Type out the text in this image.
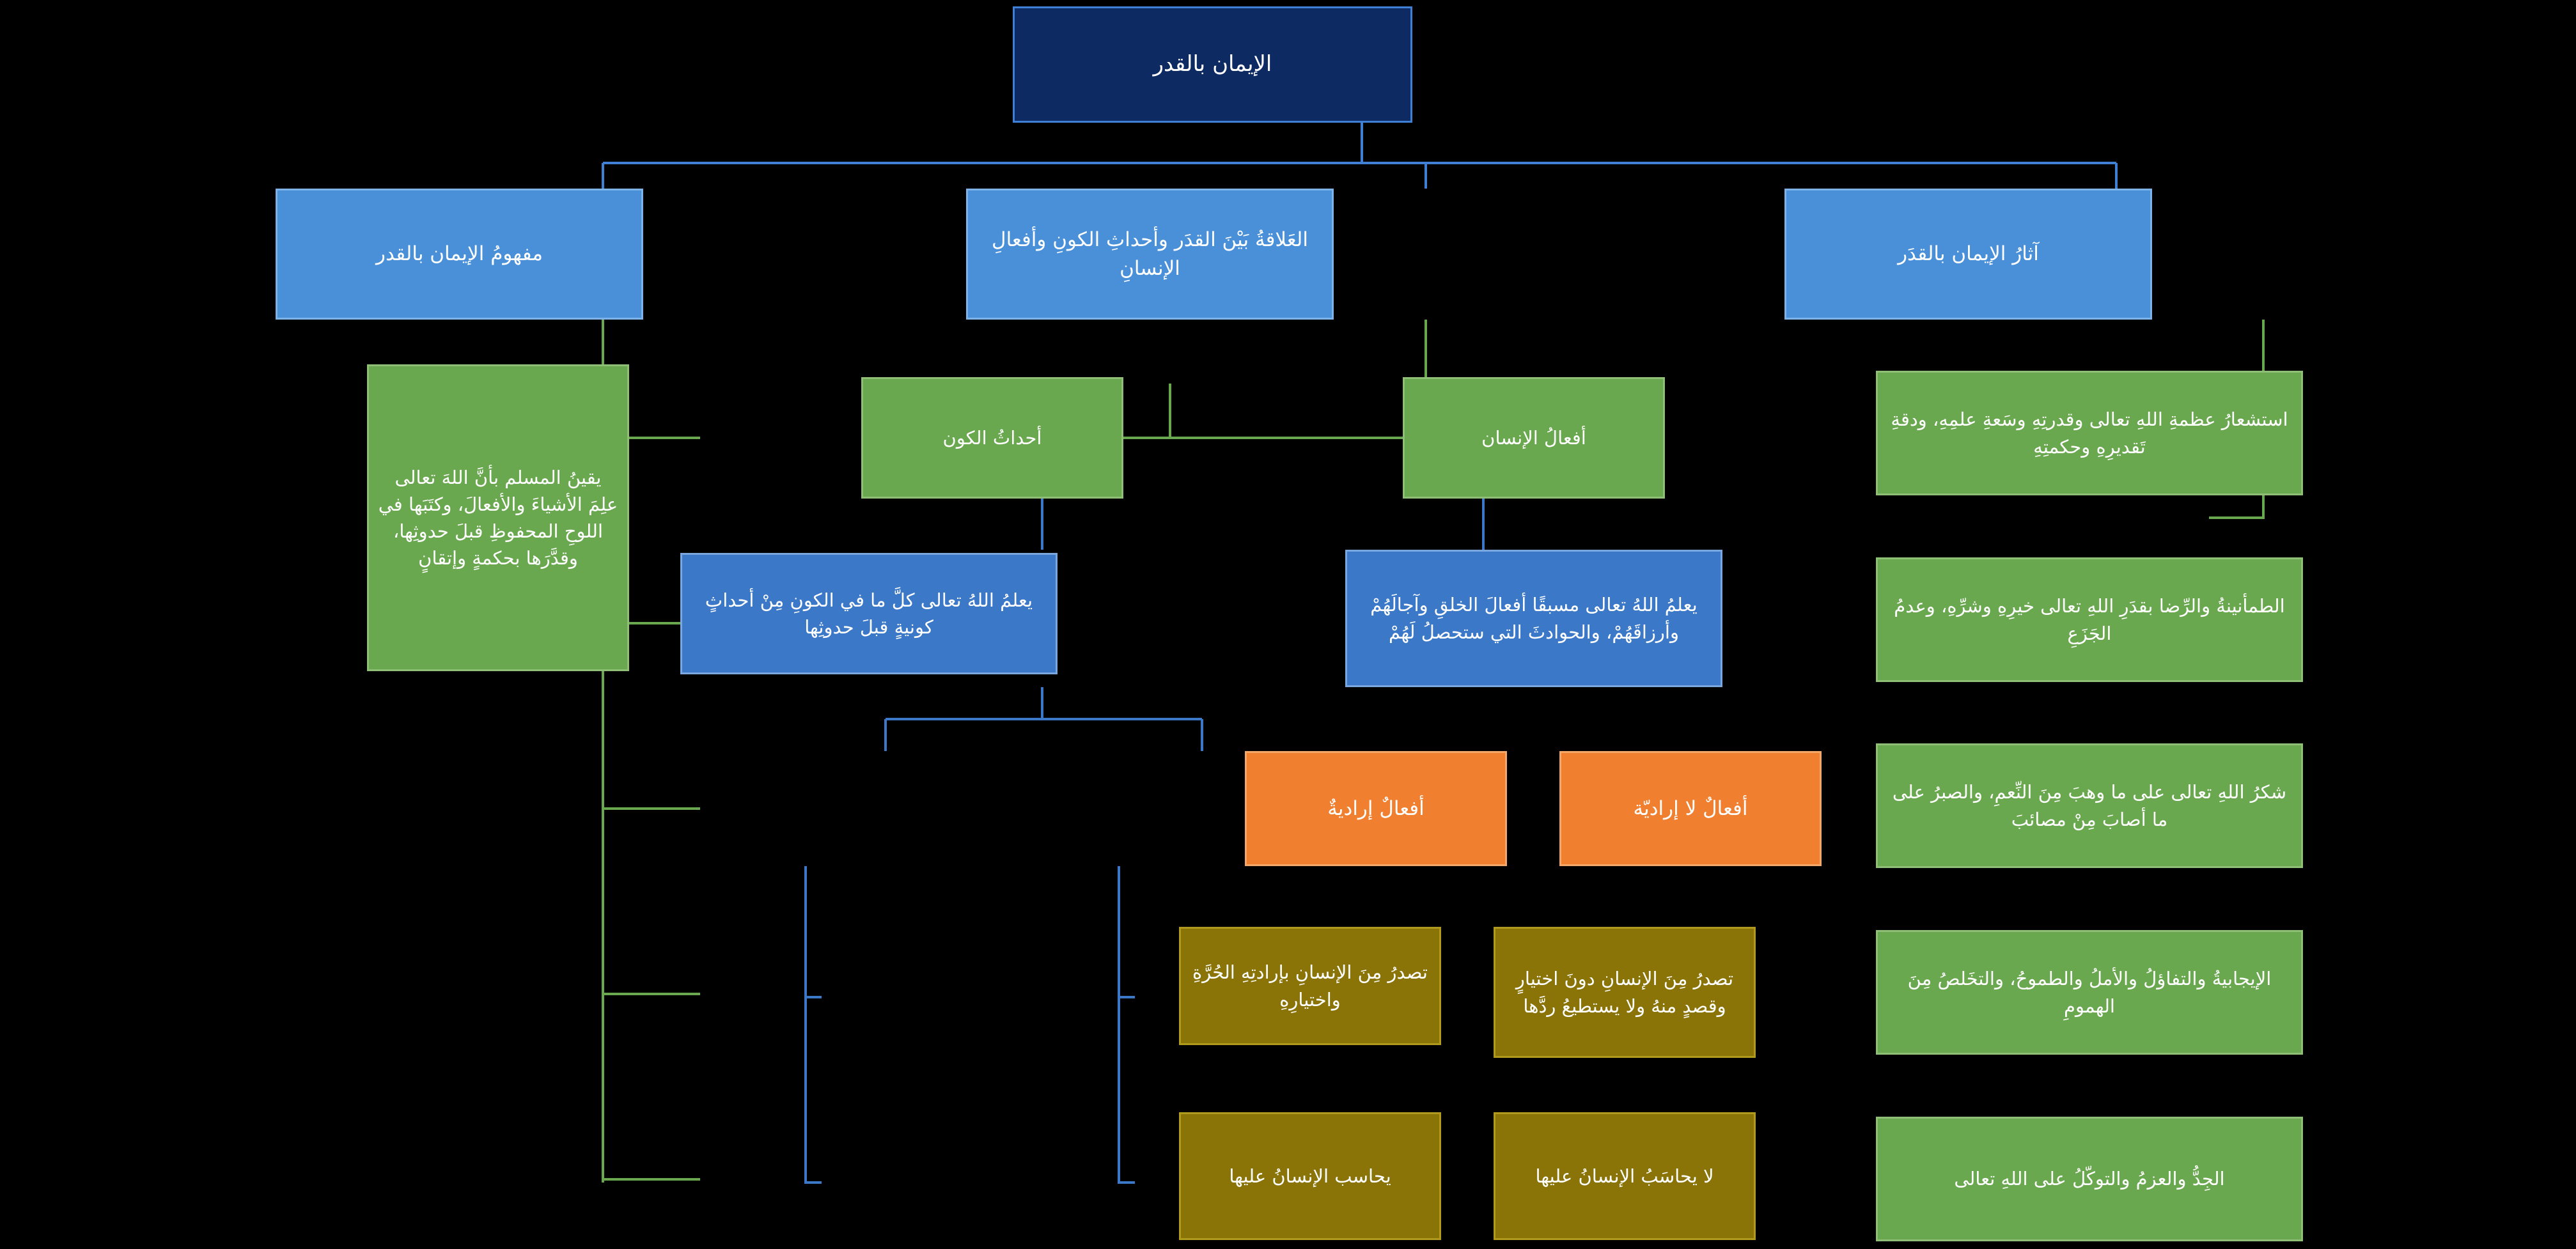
الإيمان بالقدر
آثارُ الإيمان بالقدَر
العَلاقةُ بَيْنَ القدَر وأحداثِ الكونِ وأفعالِ الإنسانِ
مفهومُ الإيمان بالقدر
يقينُ المسلم بأنَّ اللهَ تعالى علِمَ الأشياءَ والأفعالَ، وكتَبَها في اللوحِ المحفوظِ قبلَ حدوثِها، وقدَّرَها بحكمةٍ وإتقانٍ
أفعالُ الإنسان
أحداثُ الكون
يعلمُ اللهُ تعالى كلَّ ما في الكونِ مِنْ أحداثٍ كونيةٍ قبلَ حدوثِها
يعلمُ اللهُ تعالى مسبقًا أفعالَ الخلقِ وآجالَهُمْ وأرزاقَهُمْ، والحوادثَ التي ستحصلُ لَهُمْ
أفعالٌ لا إراديّة
أفعالٌ إراديةٌ
تصدرُ مِنَ الإنسانِ دونَ اختيارٍ وقصدٍ منهُ ولا يستطيعُ ردَّها
تصدرُ مِنَ الإنسانِ بإرادتِهِ الحُرَّةِ واختيارِهِ
لا يحاسَبُ الإنسانُ عليها
يحاسب الإنسانُ عليها
استشعارُ عظمةِ اللهِ تعالى وقدرتِهِ وسَعةِ علمِهِ، ودقةِ تَقديرِهِ وحكمتِهِ
الطمأنينةُ والرِّضا بقدَرِ اللهِ تعالى خيرِهِ وشرِّهِ، وعدمُ الجَزَعِ
شكرُ اللهِ تعالى على ما وهبَ مِنَ النِّعمِ، والصبرُ على ما أصابَ مِنْ مصائبَ
الإيجابيةُ والتفاؤلُ والأملُ والطموحُ، والتخَلصُ مِنَ الهمومِ
الجِدُّ والعزمُ والتوكّلُ على اللهِ تعالى
